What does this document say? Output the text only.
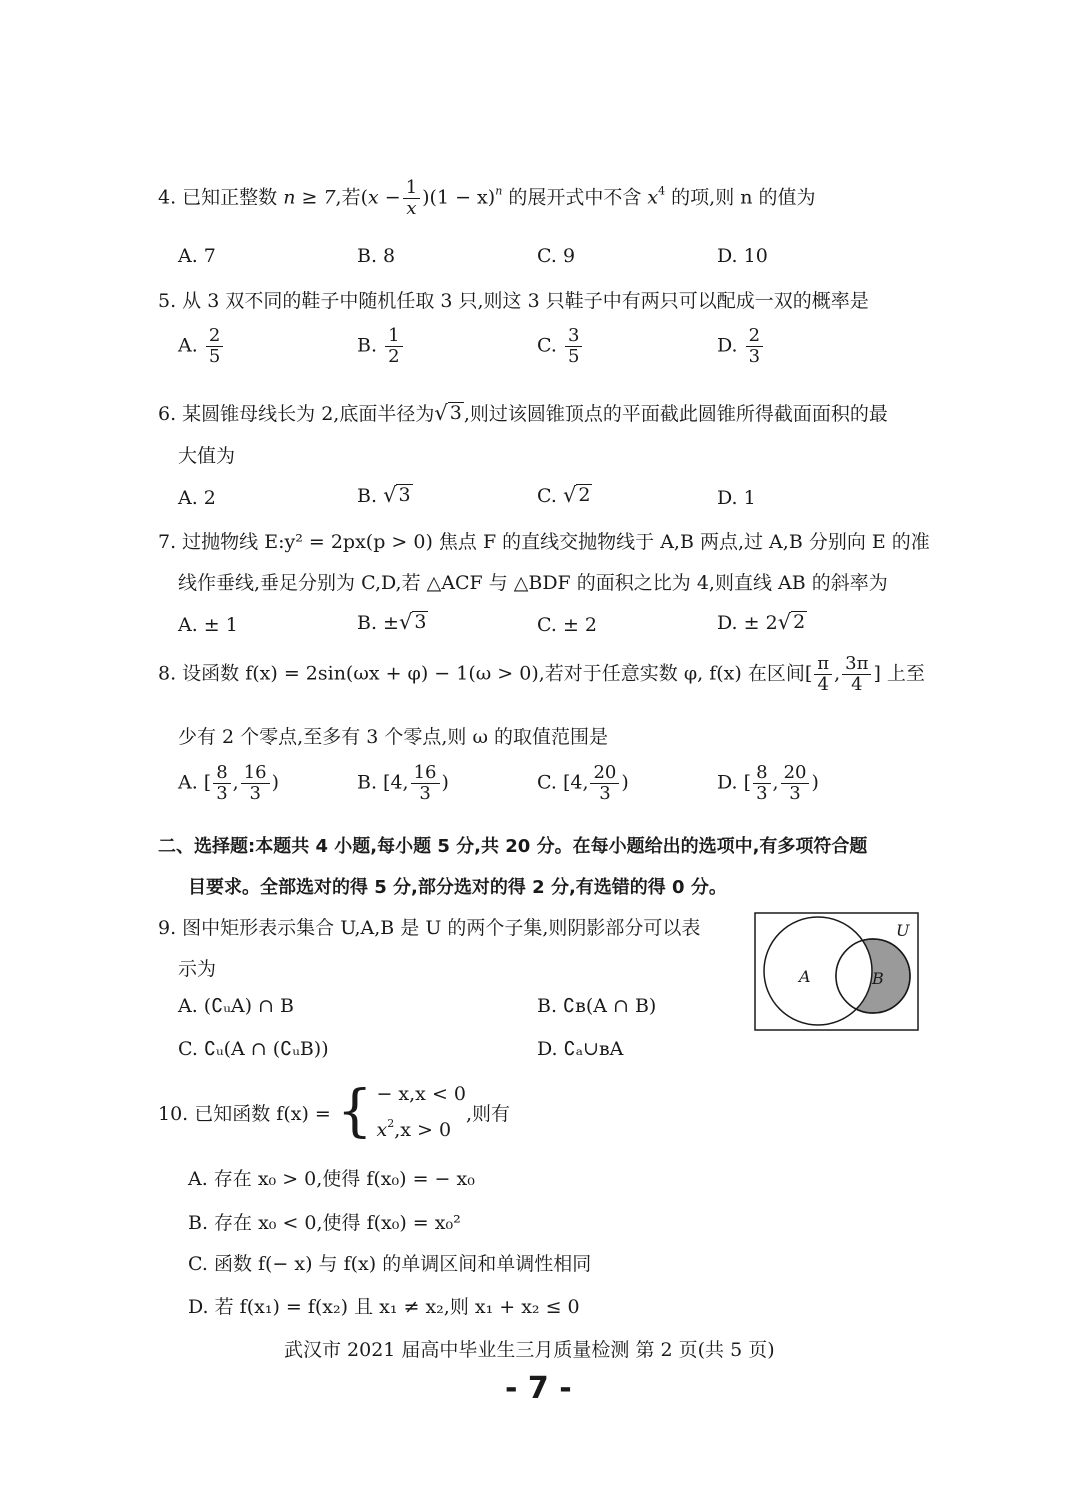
4. 已知正整数 n ≥ 7,若$(x - \frac{1}{x} )(1 - x)^n$ 的展开式中不含 $x^4$ 的项,则 n 的值为
A. 7	B. 8	C. 9	D. 10
5. 从 3 双不同的鞋子中随机任取 3 只,则这 3 只鞋子中有两只可以配成一双的概率是
A. $\frac{2}{5}$	B. $\frac{1}{2}$	C. $\frac{3}{5}$	D. $\frac{2}{3}$
6. 某圆锥母线长为 2,底面半径为 √ 3 ,则过该圆锥顶点的平面截此圆锥所得截面面积的最
大值为
A. 2	B. √ 3	C. √ 2	D. 1
7. 过抛物线 E:y² = 2px(p > 0) 焦点 F 的直线交抛物线于 A,B 两点,过 A,B 分别向 E 的准
线作垂线,垂足分别为 C,D,若 △ACF 与 △BDF 的面积之比为 4,则直线 AB 的斜率为
A. ± 1	B. ± √ 3	C. ± 2	D. ± 2 √ 2
8. 设函数 f(x) = 2sin(ωx + φ) − 1(ω > 0),若对于任意实数 φ, f(x) 在区间[ $\frac{\pi}{4}$ , $\frac{3\pi}{4}$ ] 上至
少有 2 个零点,至多有 3 个零点,则 ω 的取值范围是
A. [ $\frac{8}{3}$ , $\frac{16}{3}$ )	B. [4, $\frac{16}{3}$ )	C. [4, $\frac{20}{3}$ )	D. [ $\frac{8}{3}$ , $\frac{20}{3}$ )
二、选择题:本题共 4 小题,每小题 5 分,共 20 分。在每小题给出的选项中,有多项符合题
目要求。全部选对的得 5 分,部分选对的得 2 分,有选错的得 0 分。
9. 图中矩形表示集合 U,A,B 是 U 的两个子集,则阴影部分可以表
示为
A. (∁ᵤA) ∩ B	B. ∁ʙ(A ∩ B)
C. ∁ᵤ(A ∩ (∁ᵤB))	D. ∁ₐ∪ʙA
U
A	B
10. 已知函数 f(x) = { − x,x < 0
$x^2,x > 0$
,则有
A. 存在 x₀ > 0,使得 f(x₀) = − x₀
B. 存在 x₀ < 0,使得 f(x₀) = x₀²
C. 函数 f(− x) 与 f(x) 的单调区间和单调性相同
D. 若 f(x₁) = f(x₂) 且 x₁ ≠ x₂,则 x₁ + x₂ ≤ 0
武汉市 2021 届高中毕业生三月质量检测 第 2 页(共 5 页)
- 7 -
